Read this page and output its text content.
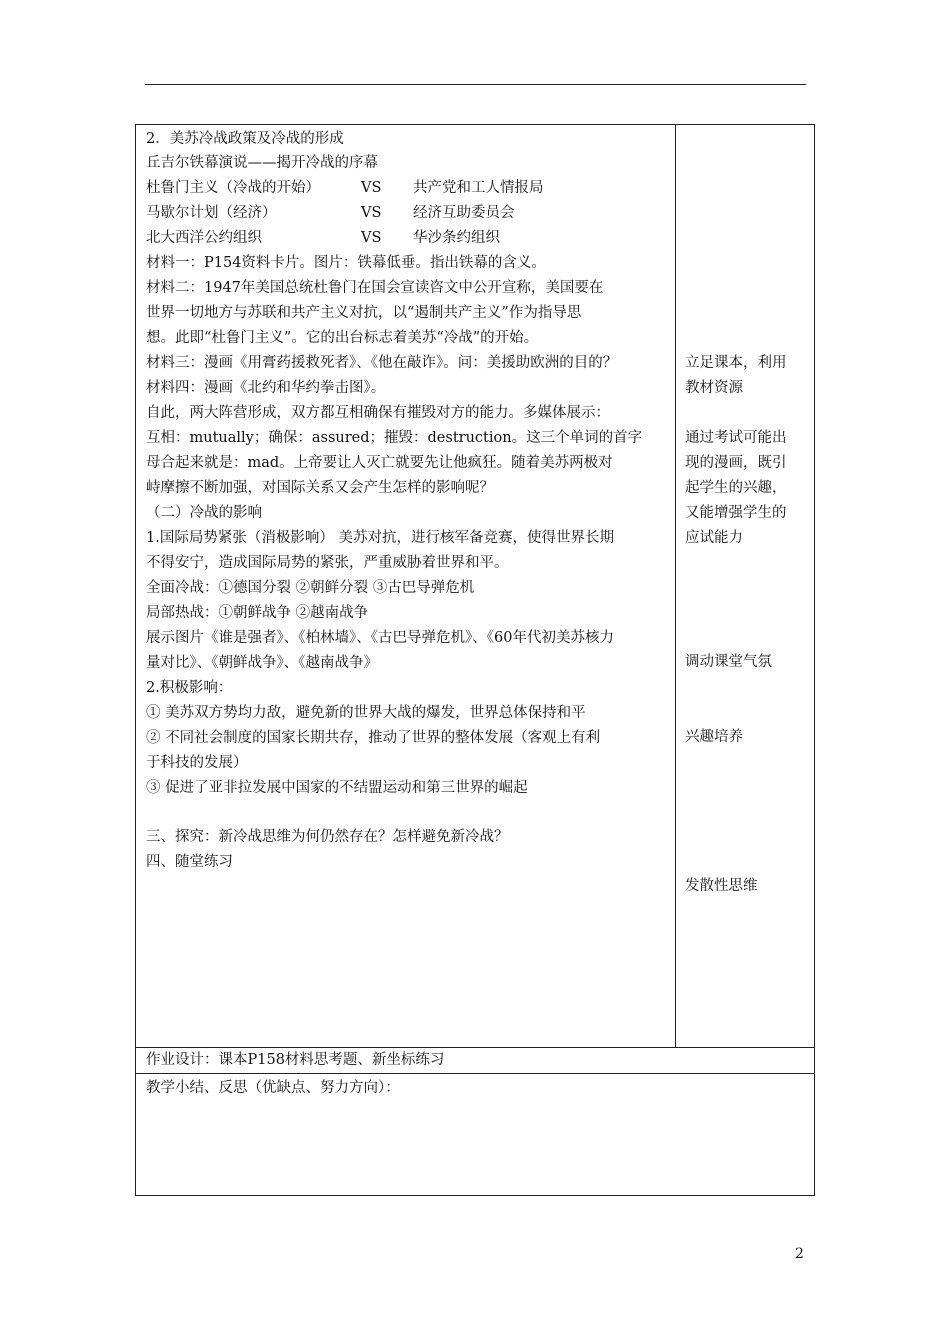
2．美苏冷战政策及冷战的形成
丘吉尔铁幕演说——揭开冷战的序幕
杜鲁门主义（冷战的开始）	VS 共产党和工人情报局
马歇尔计划（经济）	VS 经济互助委员会
北大西洋公约组织	VS 华沙条约组织
材料一：P154资料卡片。图片：铁幕低垂。指出铁幕的含义。
材料二：1947年美国总统杜鲁门在国会宣读咨文中公开宣称，美国要在
世界一切地方与苏联和共产主义对抗，以“遏制共产主义”作为指导思
想。此即“杜鲁门主义”。它的出台标志着美苏“冷战”的开始。
材料三：漫画《用膏药援救死者》、《他在敲诈》。问：美援助欧洲的目的？
材料四：漫画《北约和华约拳击图》。
自此，两大阵营形成，双方都互相确保有摧毁对方的能力。多媒体展示：
互相：mutually；确保：assured；摧毁：destruction。这三个单词的首字
母合起来就是：mad。上帝要让人灭亡就要先让他疯狂。随着美苏两极对
峙摩擦不断加强，对国际关系又会产生怎样的影响呢？
（二）冷战的影响
1.国际局势紧张（消极影响） 美苏对抗，进行核军备竞赛，使得世界长期
不得安宁，造成国际局势的紧张，严重威胁着世界和平。
全面冷战：①德国分裂 ②朝鲜分裂 ③古巴导弹危机
局部热战：①朝鲜战争 ②越南战争
展示图片《谁是强者》、《柏林墙》、《古巴导弹危机》、《60年代初美苏核力
量对比》、《朝鲜战争》、《越南战争》
2.积极影响：
① 美苏双方势均力敌，避免新的世界大战的爆发，世界总体保持和平
② 不同社会制度的国家长期共存，推动了世界的整体发展（客观上有利
于科技的发展）
③ 促进了亚非拉发展中国家的不结盟运动和第三世界的崛起
三、探究：新冷战思维为何仍然存在？怎样避免新冷战？
四、随堂练习
立足课本，利用
教材资源
通过考试可能出
现的漫画，既引
起学生的兴趣，
又能增强学生的
应试能力
调动课堂气氛
兴趣培养
发散性思维
作业设计：课本P158材料思考题、新坐标练习
教学小结、反思（优缺点、努力方向）：
2
